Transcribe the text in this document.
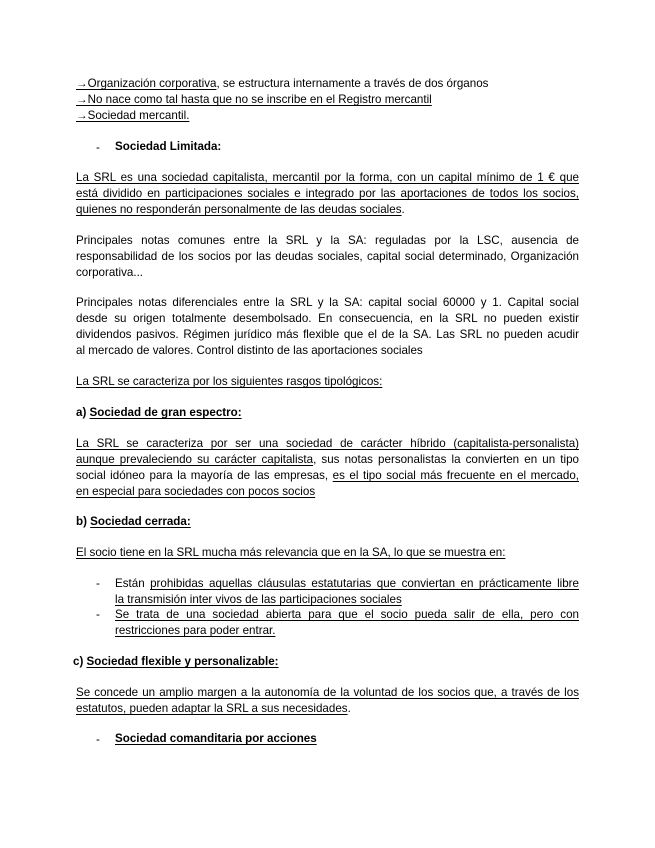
→Organización corporativa, se estructura internamente a través de dos órganos
→No nace como tal hasta que no se inscribe en el Registro mercantil
→Sociedad mercantil.
- Sociedad Limitada:
La SRL es una sociedad capitalista, mercantil por la forma, con un capital mínimo de 1 € que
está dividido en participaciones sociales e integrado por las aportaciones de todos los socios,
quienes no responderán personalmente de las deudas sociales.
Principales notas comunes entre la SRL y la SA: reguladas por la LSC, ausencia de
responsabilidad de los socios por las deudas sociales, capital social determinado, Organización
corporativa...
Principales notas diferenciales entre la SRL y la SA: capital social 60000 y 1. Capital social
desde su origen totalmente desembolsado. En consecuencia, en la SRL no pueden existir
dividendos pasivos. Régimen jurídico más flexible que el de la SA. Las SRL no pueden acudir
al mercado de valores. Control distinto de las aportaciones sociales
La SRL se caracteriza por los siguientes rasgos tipológicos:
a) Sociedad de gran espectro:
La SRL se caracteriza por ser una sociedad de carácter híbrido (capitalista-personalista)
aunque prevaleciendo su carácter capitalista, sus notas personalistas la convierten en un tipo
social idóneo para la mayoría de las empresas, es el tipo social más frecuente en el mercado,
en especial para sociedades con pocos socios
b) Sociedad cerrada:
El socio tiene en la SRL mucha más relevancia que en la SA, lo que se muestra en:
- Están prohibidas aquellas cláusulas estatutarias que conviertan en prácticamente libre
la transmisión inter vivos de las participaciones sociales
- Se trata de una sociedad abierta para que el socio pueda salir de ella, pero con
restricciones para poder entrar.
c) Sociedad flexible y personalizable:
Se concede un amplio margen a la autonomía de la voluntad de los socios que, a través de los
estatutos, pueden adaptar la SRL a sus necesidades.
- Sociedad comanditaria por acciones
